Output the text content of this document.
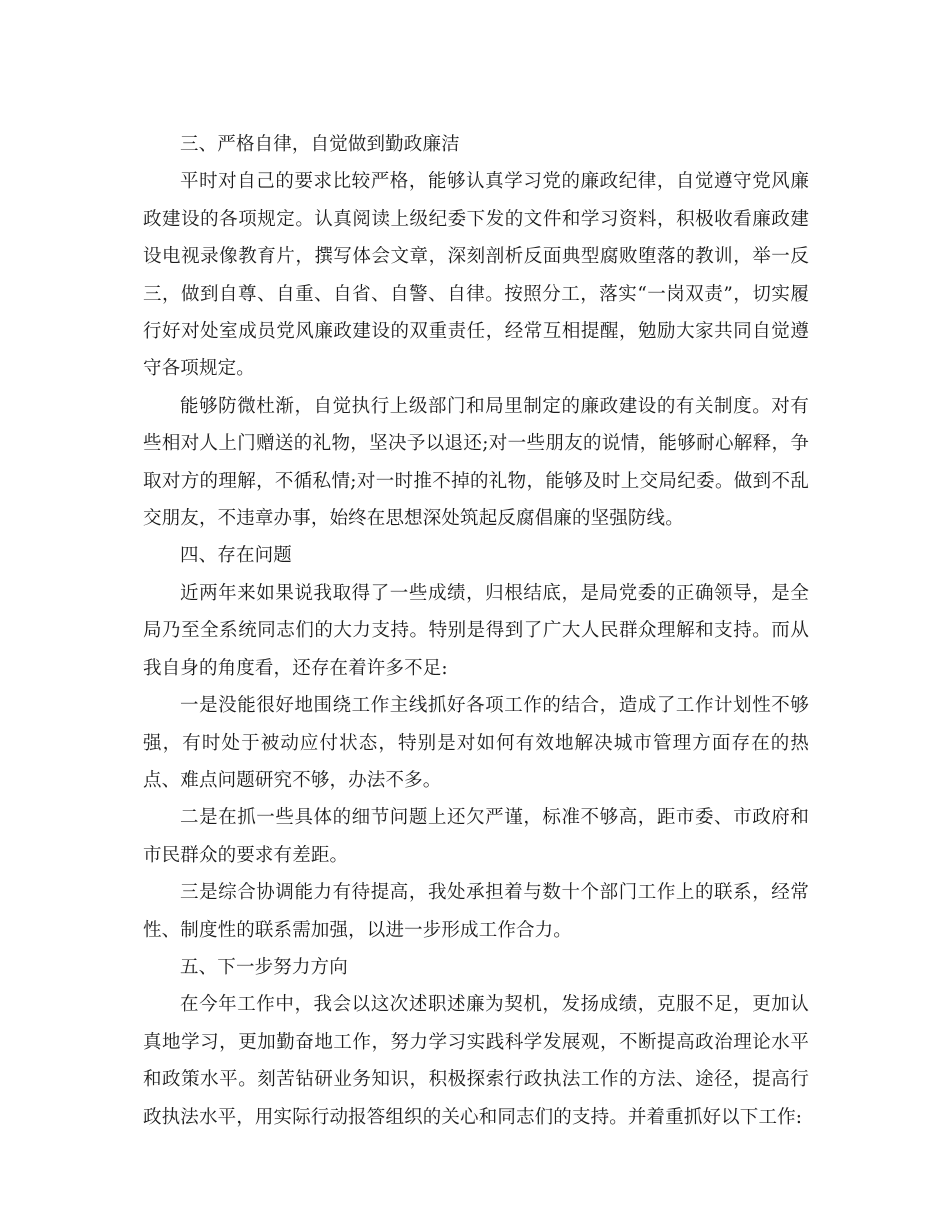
三、严格自律，自觉做到勤政廉洁

平时对自己的要求比较严格，能够认真学习党的廉政纪律，自觉遵守党风廉政建设的各项规定。认真阅读上级纪委下发的文件和学习资料，积极收看廉政建设电视录像教育片，撰写体会文章，深刻剖析反面典型腐败堕落的教训，举一反三，做到自尊、自重、自省、自警、自律。按照分工，落实“一岗双责”，切实履行好对处室成员党风廉政建设的双重责任，经常互相提醒，勉励大家共同自觉遵守各项规定。

能够防微杜渐，自觉执行上级部门和局里制定的廉政建设的有关制度。对有些相对人上门赠送的礼物，坚决予以退还;对一些朋友的说情，能够耐心解释，争取对方的理解，不循私情;对一时推不掉的礼物，能够及时上交局纪委。做到不乱交朋友，不违章办事，始终在思想深处筑起反腐倡廉的坚强防线。

四、存在问题

近两年来如果说我取得了一些成绩，归根结底，是局党委的正确领导，是全局乃至全系统同志们的大力支持。特别是得到了广大人民群众理解和支持。而从我自身的角度看，还存在着许多不足:

一是没能很好地围绕工作主线抓好各项工作的结合，造成了工作计划性不够强，有时处于被动应付状态，特别是对如何有效地解决城市管理方面存在的热点、难点问题研究不够，办法不多。

二是在抓一些具体的细节问题上还欠严谨，标准不够高，距市委、市政府和市民群众的要求有差距。

三是综合协调能力有待提高，我处承担着与数十个部门工作上的联系，经常性、制度性的联系需加强，以进一步形成工作合力。

五、下一步努力方向

在今年工作中，我会以这次述职述廉为契机，发扬成绩，克服不足，更加认真地学习，更加勤奋地工作，努力学习实践科学发展观，不断提高政治理论水平和政策水平。刻苦钻研业务知识，积极探索行政执法工作的方法、途径，提高行政执法水平，用实际行动报答组织的关心和同志们的支持。并着重抓好以下工作:
